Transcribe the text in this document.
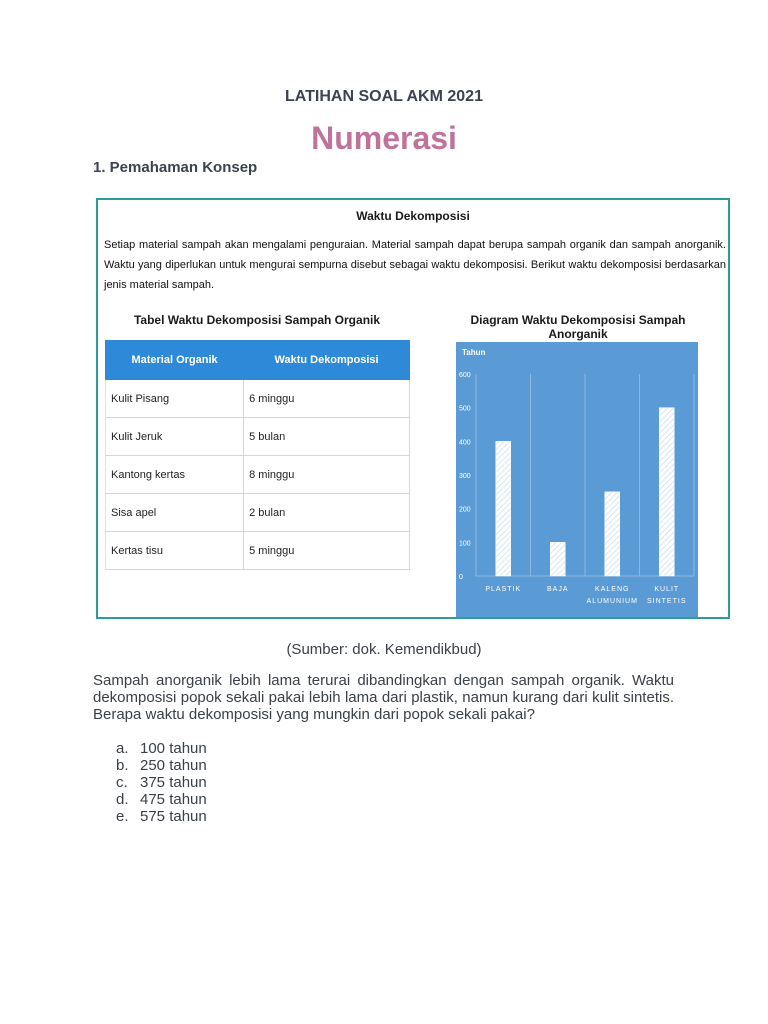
LATIHAN SOAL AKM 2021
Numerasi
1. Pemahaman Konsep
Waktu Dekomposisi
Setiap material sampah akan mengalami penguraian. Material sampah dapat berupa sampah organik dan sampah anorganik. Waktu yang diperlukan untuk mengurai sempurna disebut sebagai waktu dekomposisi. Berikut waktu dekomposisi berdasarkan jenis material sampah.
Tabel Waktu Dekomposisi Sampah Organik
Material Organik	Waktu Dekomposisi
Kulit Pisang	6 minggu
Kulit Jeruk	5 bulan
Kantong kertas	8 minggu
Sisa apel	2 bulan
Kertas tisu	5 minggu
Diagram Waktu Dekomposisi Sampah Anorganik
Tahun
0
100
200
300
400
500
600
PLASTIK	BAJA	KALENG
ALUMUNIUM
KULIT
SINTETIS
(Sumber: dok. Kemendikbud)
Sampah anorganik lebih lama terurai dibandingkan dengan sampah organik. Waktu dekomposisi popok sekali pakai lebih lama dari plastik, namun kurang dari kulit sintetis. Berapa waktu dekomposisi yang mungkin dari popok sekali pakai?
a. 100 tahun
b. 250 tahun
c. 375 tahun
d. 475 tahun
e. 575 tahun
